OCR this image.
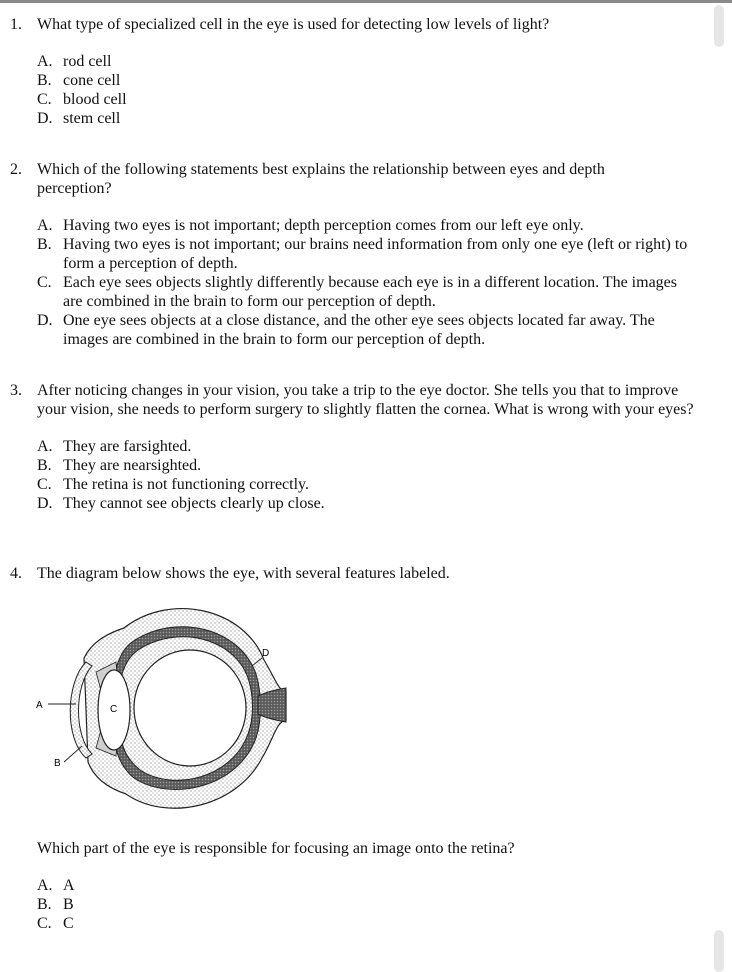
1. What type of specialized cell in the eye is used for detecting low levels of light?
A. rod cell
B. cone cell
C. blood cell
D. stem cell
2. Which of the following statements best explains the relationship between eyes and depth perception?
A. Having two eyes is not important; depth perception comes from our left eye only.
B. Having two eyes is not important; our brains need information from only one eye (left or right) to form a perception of depth.
C. Each eye sees objects slightly differently because each eye is in a different location. The images are combined in the brain to form our perception of depth.
D. One eye sees objects at a close distance, and the other eye sees objects located far away. The images are combined in the brain to form our perception of depth.
3. After noticing changes in your vision, you take a trip to the eye doctor. She tells you that to improve your vision, she needs to perform surgery to slightly flatten the cornea. What is wrong with your eyes?
A. They are farsighted.
B. They are nearsighted.
C. The retina is not functioning correctly.
D. They cannot see objects clearly up close.
4. The diagram below shows the eye, with several features labeled.
A
B
C
D
Which part of the eye is responsible for focusing an image onto the retina?
A. A
B. B
C. C
